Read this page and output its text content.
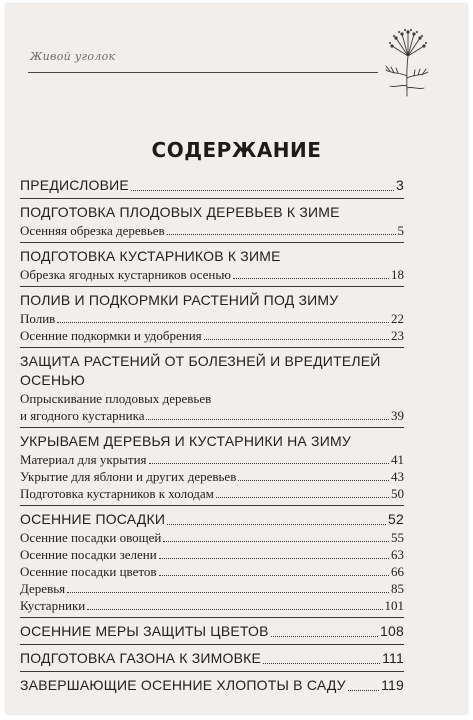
Живой уголок
СОДЕРЖАНИЕ
ПРЕДИСЛОВИЕ	3
ПОДГОТОВКА ПЛОДОВЫХ ДЕРЕВЬЕВ К ЗИМЕ
Осенняя обрезка деревьев	5
ПОДГОТОВКА КУСТАРНИКОВ К ЗИМЕ
Обрезка ягодных кустарников осенью	18
ПОЛИВ И ПОДКОРМКИ РАСТЕНИЙ ПОД ЗИМУ
Полив	22
Осенние подкормки и удобрения	23
ЗАЩИТА РАСТЕНИЙ ОТ БОЛЕЗНЕЙ И ВРЕДИТЕЛЕЙ
ОСЕНЬЮ
Опрыскивание плодовых деревьев
и ягодного кустарника	39
УКРЫВАЕМ ДЕРЕВЬЯ И КУСТАРНИКИ НА ЗИМУ
Материал для укрытия	41
Укрытие для яблони и других деревьев	43
Подготовка кустарников к холодам	50
ОСЕННИЕ ПОСАДКИ	52
Осенние посадки овощей	55
Осенние посадки зелени	63
Осенние посадки цветов	66
Деревья	85
Кустарники	101
ОСЕННИЕ МЕРЫ ЗАЩИТЫ ЦВЕТОВ	108
ПОДГОТОВКА ГАЗОНА К ЗИМОВКЕ	111
ЗАВЕРШАЮЩИЕ ОСЕННИЕ ХЛОПОТЫ В САДУ	119
